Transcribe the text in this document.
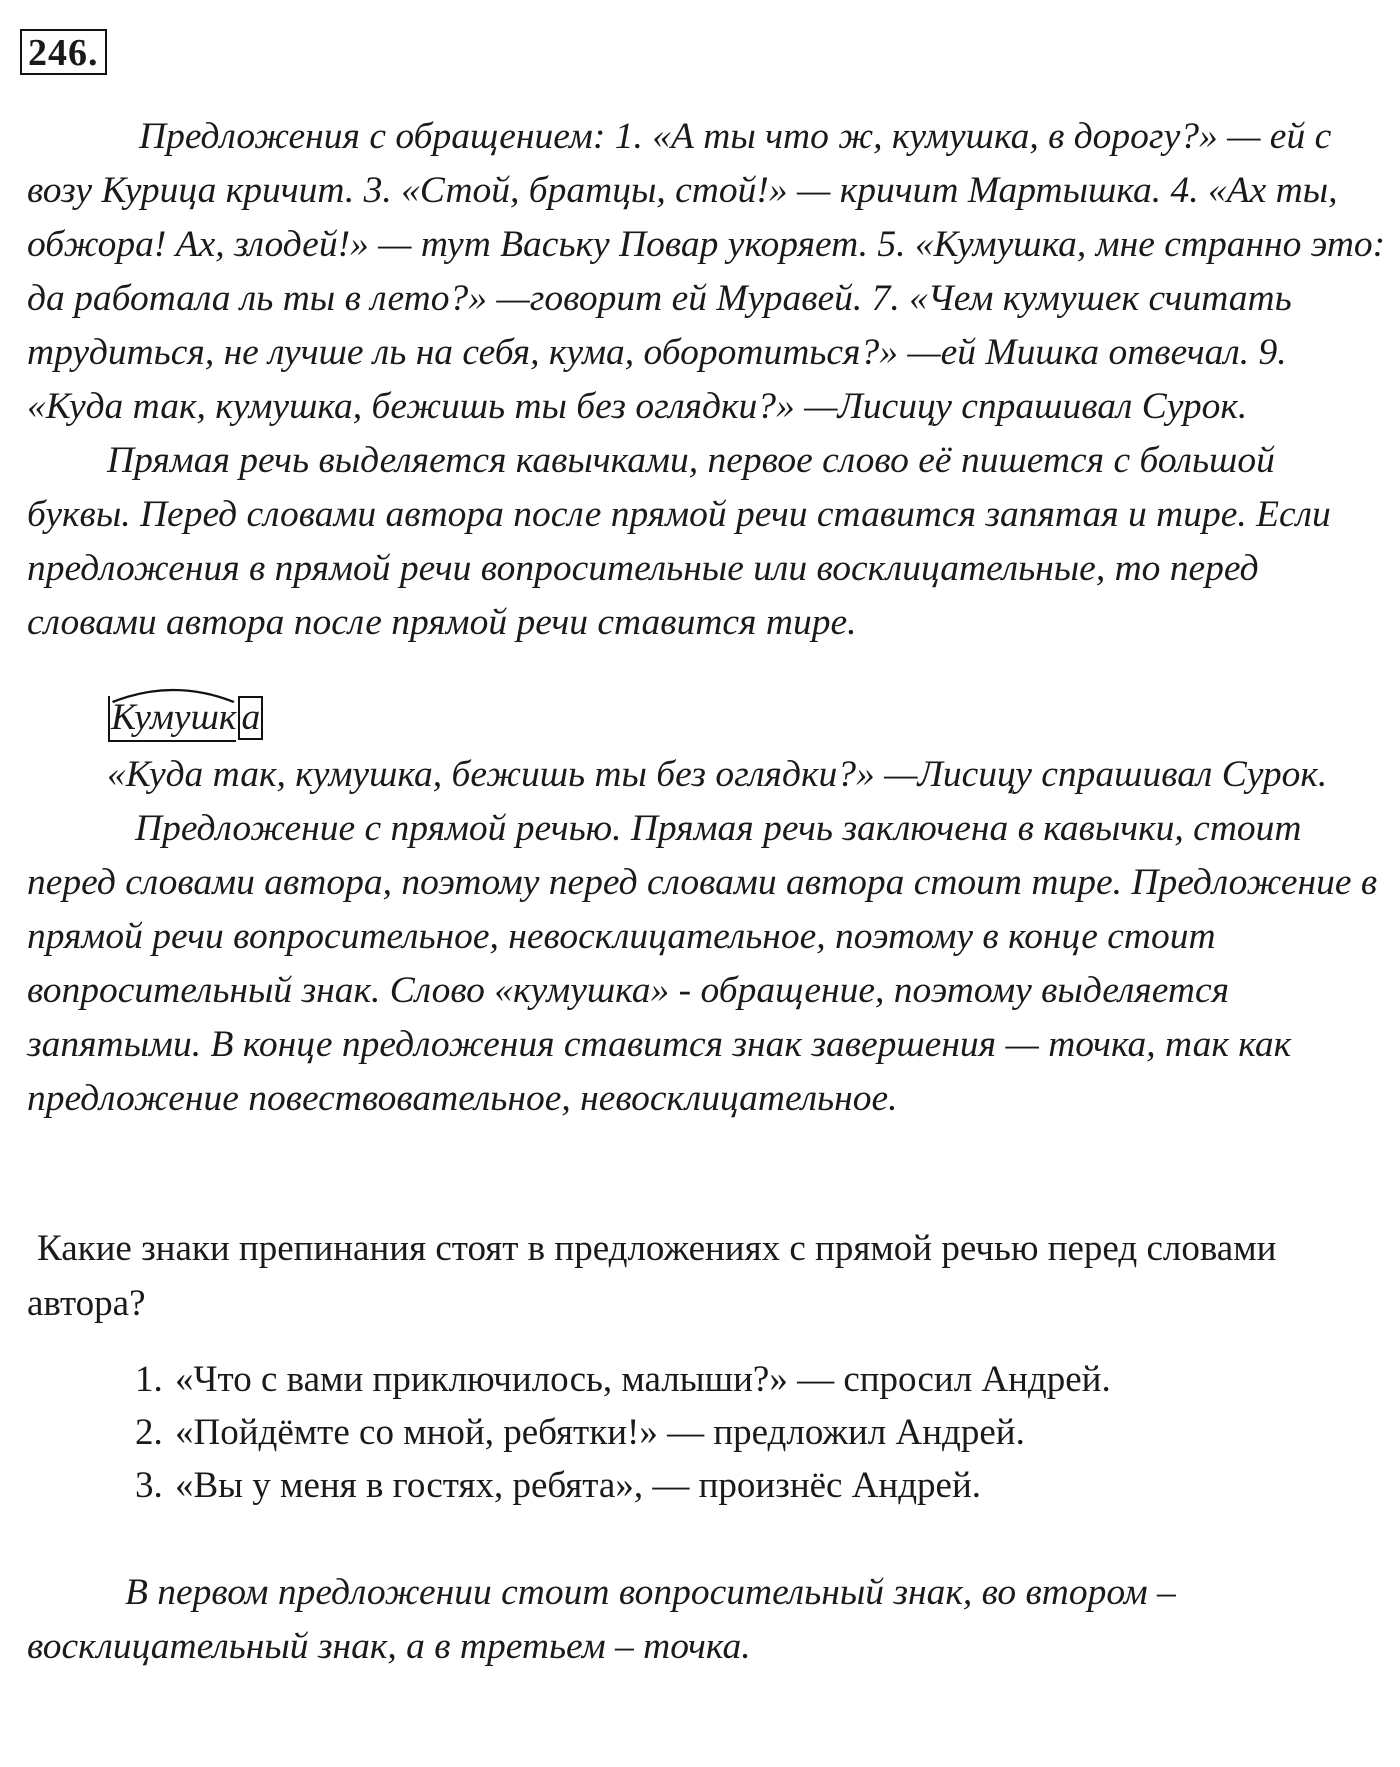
246.

Предложения с обращением: 1. «А ты что ж, кумушка, в дорогу?» — ей с возу Курица кричит. 3. «Стой, братцы, стой!» — кричит Мартышка. 4. «Ах ты, обжора! Ах, злодей!» — тут Ваську Повар укоряет. 5. «Кумушка, мне странно это: да работала ль ты в лето?» —говорит ей Муравей. 7. «Чем кумушек считать трудиться, не лучше ль на себя, кума, оборотиться?» —ей Мишка отвечал. 9. «Куда так, кумушка, бежишь ты без оглядки?» —Лисицу спрашивал Сурок.

Прямая речь выделяется кавычками, первое слово её пишется с большой буквы. Перед словами автора после прямой речи ставится запятая и тире. Если предложения в прямой речи вопросительные или восклицательные, то перед словами автора после прямой речи ставится тире.

Кумушк а

«Куда так, кумушка, бежишь ты без оглядки?» —Лисицу спрашивал Сурок.

Предложение с прямой речью. Прямая речь заключена в кавычки, стоит перед словами автора, поэтому перед словами автора стоит тире. Предложение в прямой речи вопросительное, невосклицательное, поэтому в конце стоит вопросительный знак. Слово «кумушка» - обращение, поэтому выделяется запятыми. В конце предложения ставится знак завершения — точка, так как предложение повествовательное, невосклицательное.

Какие знаки препинания стоят в предложениях с прямой речью перед словами автора?

1. «Что с вами приключилось, малыши?» — спросил Андрей.
2. «Пойдёмте со мной, ребятки!» — предложил Андрей.
3. «Вы у меня в гостях, ребята», — произнёс Андрей.

В первом предложении стоит вопросительный знак, во втором – восклицательный знак, а в третьем – точка.
